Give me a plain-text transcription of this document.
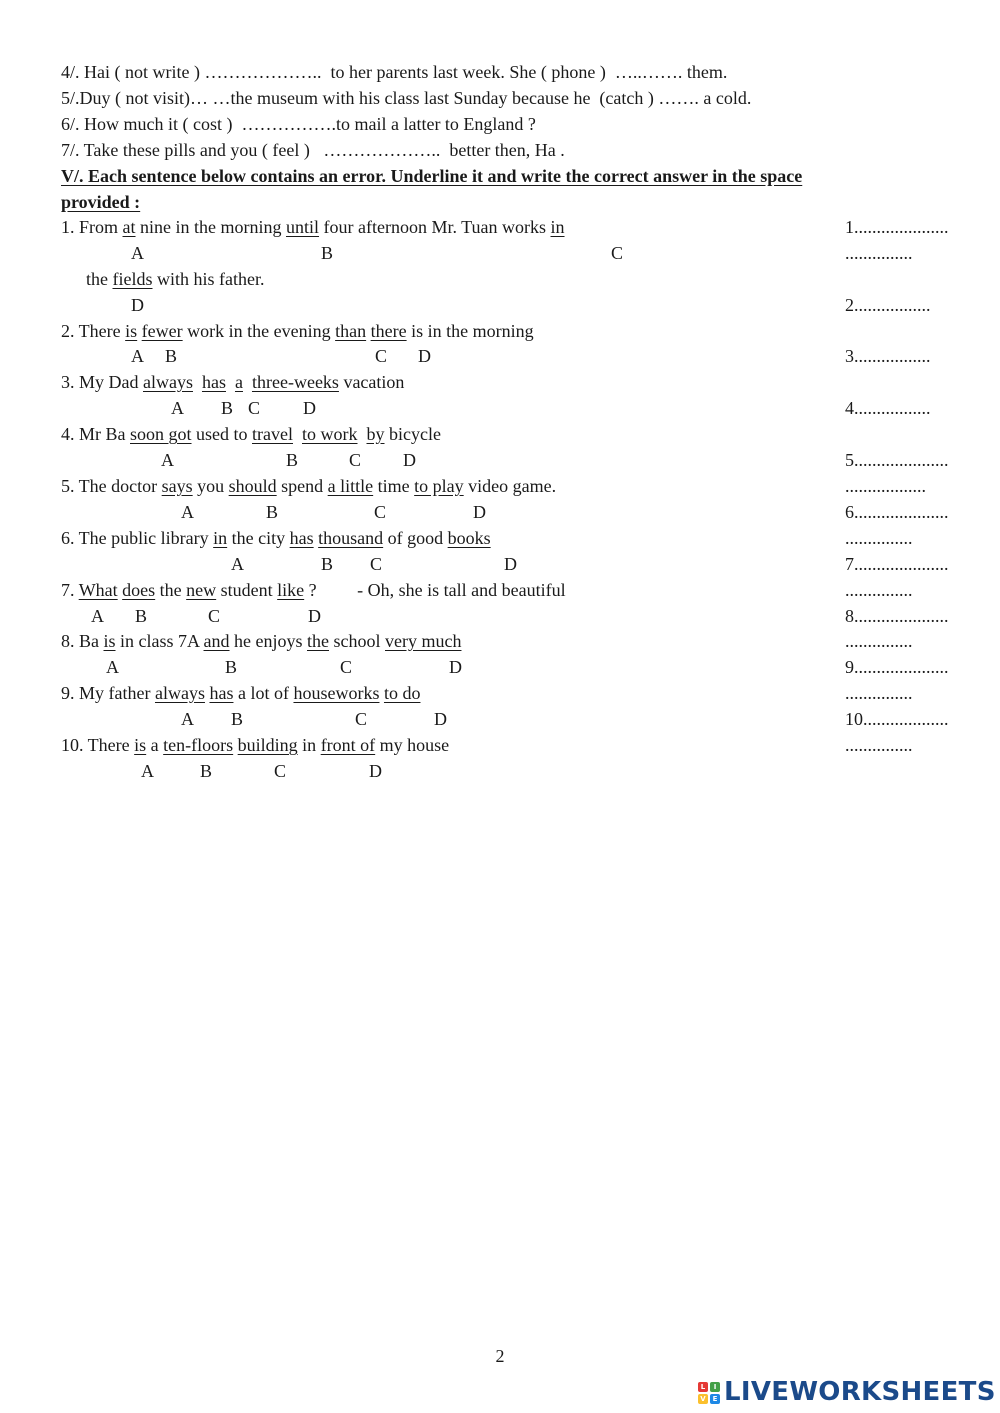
4/. Hai ( not write ) ………………..  to her parents last week. She ( phone )  …..……. them.
5/.Duy ( not visit)… …the museum with his class last Sunday because he  (catch ) ……. a cold.
6/. How much it ( cost )  …………….to mail a latter to England ?
7/. Take these pills and you ( feel )   ………………..  better then, Ha .
V/. Each sentence below contains an error. Underline it and write the correct answer in the space
provided :
1. From at nine in the morning until four afternoon Mr. Tuan works in
A	B	C
the fields with his father.
D
2. There is fewer work in the evening than there is in the morning
A B	C D
3. My Dad always has a three-weeks vacation
A B C D
4. Mr Ba soon got used to travel to work by bicycle
A	B	C D
5. The doctor says you should spend a little time to play video game.
A	B	C	D
6. The public library in the city has thousand of good books
A	B C	D
7. What does the new student like ?         - Oh, she is tall and beautiful
A B	C	D
8. Ba is in class 7A and he enjoys the school very much
A	B	C	D
9. My father always has a lot of houseworks to do
A B	C	D
10. There is a ten-floors building in front of my house
A	B	C	D
1.....................
...............
2.................
3.................
4.................
5.....................
..................
6.....................
...............
7.....................
...............
8.....................
...............
9.....................
...............
10...................
...............
2
L	I
V E LIVEWORKSHEETS
